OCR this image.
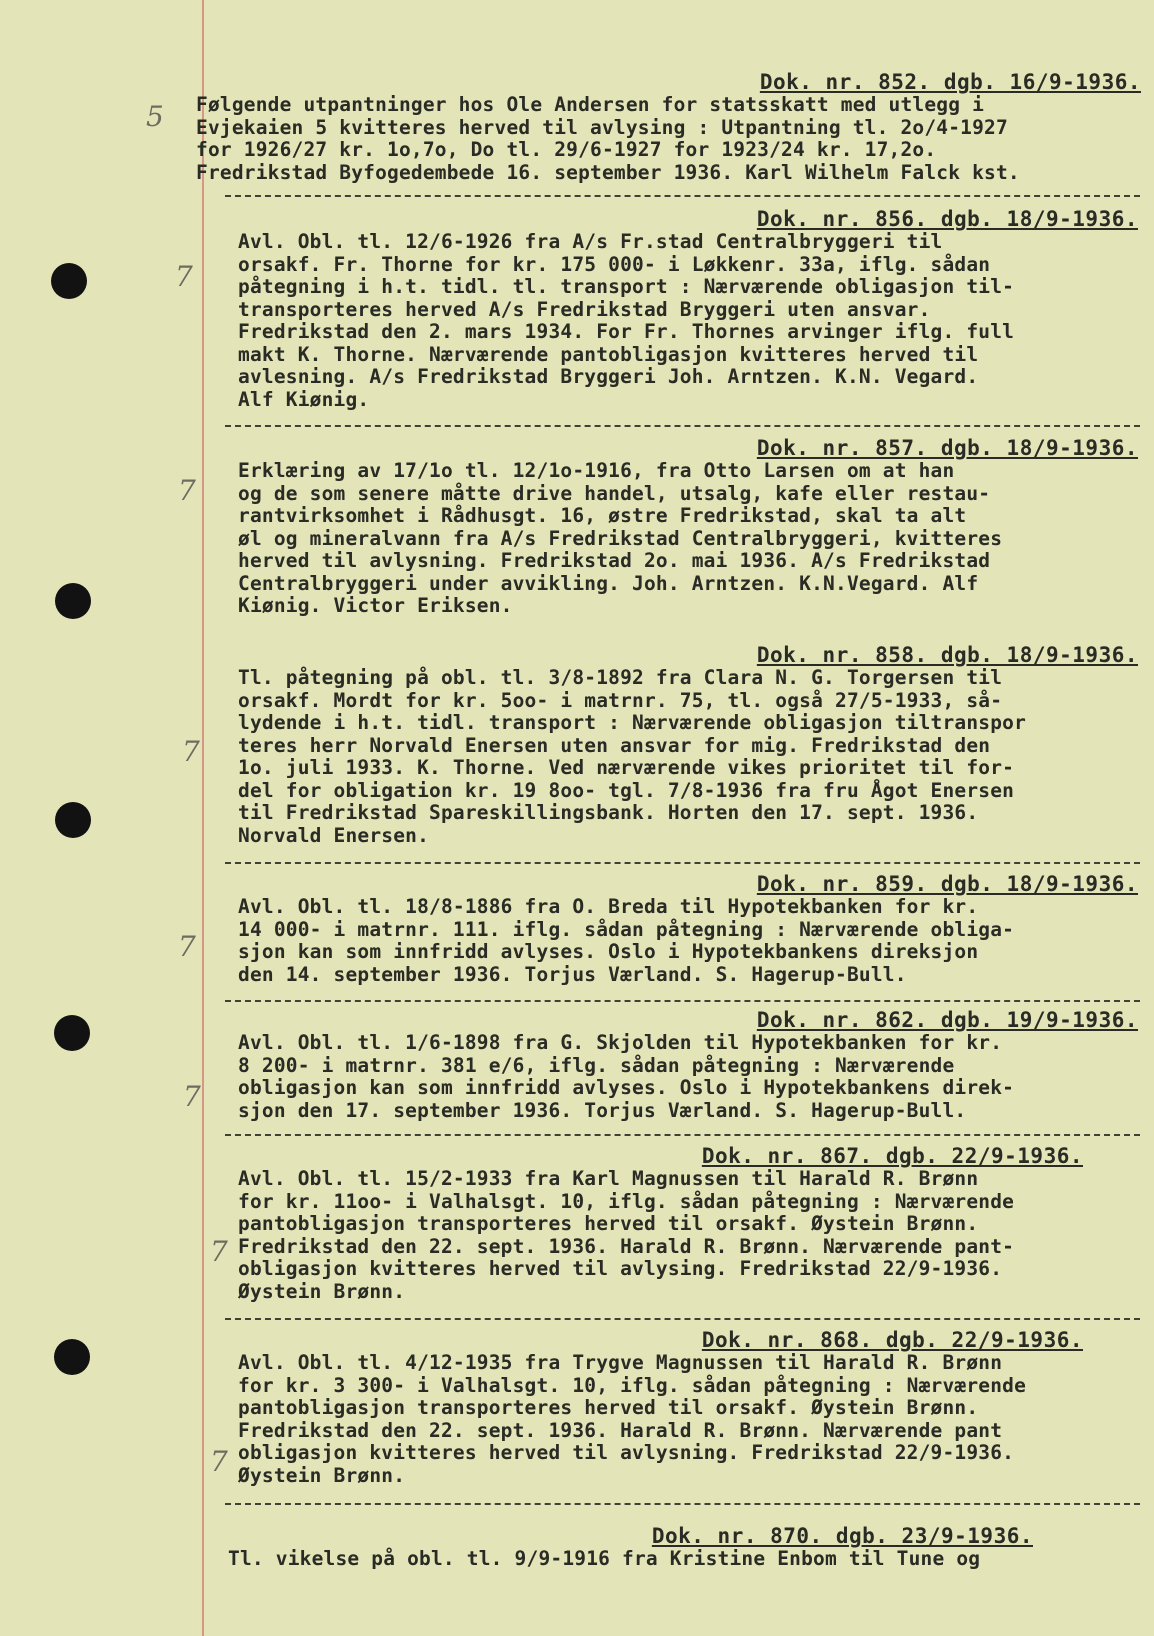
5
7
7
7
7
7
7
7
Dok. nr. 852. dgb. 16/9-1936.
Følgende utpantninger hos Ole Andersen for statsskatt med utlegg i
Evjekaien 5 kvitteres herved til avlysing : Utpantning tl. 2o/4-1927
for 1926/27 kr. 1o,7o, Do tl. 29/6-1927 for 1923/24 kr. 17,2o.
Fredrikstad Byfogedembede 16. september 1936. Karl Wilhelm Falck kst.
Dok. nr. 856. dgb. 18/9-1936.
Avl. Obl. tl. 12/6-1926 fra A/s Fr.stad Centralbryggeri til
orsakf. Fr. Thorne for kr. 175 000- i Løkkenr. 33a, iflg. sådan
påtegning i h.t. tidl. tl. transport : Nærværende obligasjon til-
transporteres herved A/s Fredrikstad Bryggeri uten ansvar.
Fredrikstad den 2. mars 1934. For Fr. Thornes arvinger iflg. full
makt K. Thorne. Nærværende pantobligasjon kvitteres herved til
avlesning. A/s Fredrikstad Bryggeri Joh. Arntzen. K.N. Vegard.
Alf Kiønig.
Dok. nr. 857. dgb. 18/9-1936.
Erklæring av 17/1o tl. 12/1o-1916, fra Otto Larsen om at han
og de som senere måtte drive handel, utsalg, kafe eller restau-
rantvirksomhet i Rådhusgt. 16, østre Fredrikstad, skal ta alt
øl og mineralvann fra A/s Fredrikstad Centralbryggeri, kvitteres
herved til avlysning. Fredrikstad 2o. mai 1936. A/s Fredrikstad
Centralbryggeri under avvikling. Joh. Arntzen. K.N.Vegard. Alf
Kiønig. Victor Eriksen.
Dok. nr. 858. dgb. 18/9-1936.
Tl. påtegning på obl. tl. 3/8-1892 fra Clara N. G. Torgersen til
orsakf. Mordt for kr. 5oo- i matrnr. 75, tl. også 27/5-1933, så-
lydende i h.t. tidl. transport : Nærværende obligasjon tiltranspor
teres herr Norvald Enersen uten ansvar for mig. Fredrikstad den
1o. juli 1933. K. Thorne. Ved nærværende vikes prioritet til for-
del for obligation kr. 19 8oo- tgl. 7/8-1936 fra fru Ågot Enersen
til Fredrikstad Spareskillingsbank. Horten den 17. sept. 1936.
Norvald Enersen.
Dok. nr. 859. dgb. 18/9-1936.
Avl. Obl. tl. 18/8-1886 fra O. Breda til Hypotekbanken for kr.
14 000- i matrnr. 111. iflg. sådan påtegning : Nærværende obliga-
sjon kan som innfridd avlyses. Oslo i Hypotekbankens direksjon
den 14. september 1936. Torjus Værland. S. Hagerup-Bull.
Dok. nr. 862. dgb. 19/9-1936.
Avl. Obl. tl. 1/6-1898 fra G. Skjolden til Hypotekbanken for kr.
8 200- i matrnr. 381 e/6, iflg. sådan påtegning : Nærværende
obligasjon kan som innfridd avlyses. Oslo i Hypotekbankens direk-
sjon den 17. september 1936. Torjus Værland. S. Hagerup-Bull.
Dok. nr. 867. dgb. 22/9-1936.
Avl. Obl. tl. 15/2-1933 fra Karl Magnussen til Harald R. Brønn
for kr. 11oo- i Valhalsgt. 10, iflg. sådan påtegning : Nærværende
pantobligasjon transporteres herved til orsakf. Øystein Brønn.
Fredrikstad den 22. sept. 1936. Harald R. Brønn. Nærværende pant-
obligasjon kvitteres herved til avlysing. Fredrikstad 22/9-1936.
Øystein Brønn.
Dok. nr. 868. dgb. 22/9-1936.
Avl. Obl. tl. 4/12-1935 fra Trygve Magnussen til Harald R. Brønn
for kr. 3 300- i Valhalsgt. 10, iflg. sådan påtegning : Nærværende
pantobligasjon transporteres herved til orsakf. Øystein Brønn.
Fredrikstad den 22. sept. 1936. Harald R. Brønn. Nærværende pant
obligasjon kvitteres herved til avlysning. Fredrikstad 22/9-1936.
Øystein Brønn.
Dok. nr. 870. dgb. 23/9-1936.
Tl. vikelse på obl. tl. 9/9-1916 fra Kristine Enbom til Tune og
